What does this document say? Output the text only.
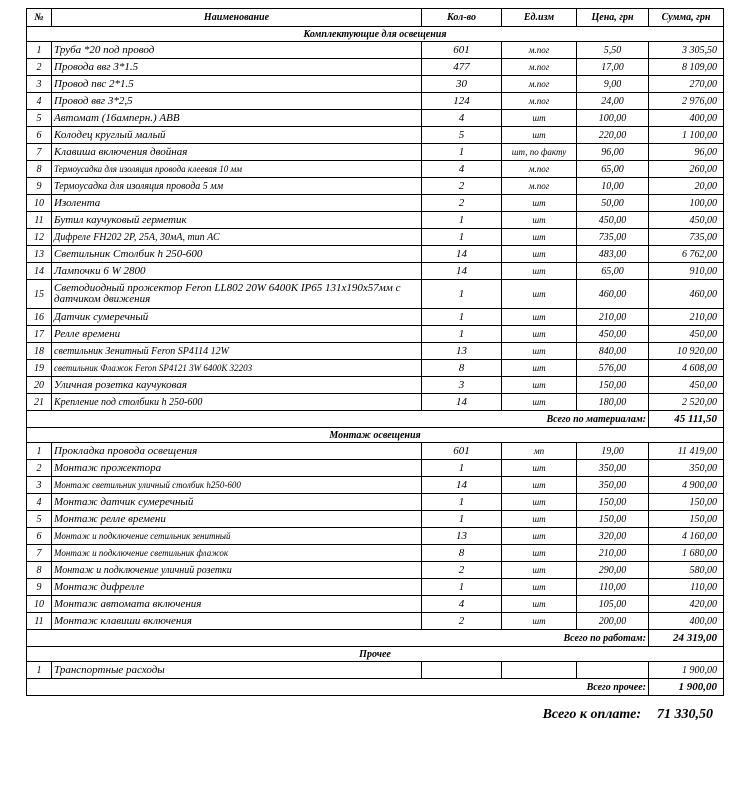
№	Наименование	Кол-во	Ед.изм	Цена, грн	Сумма, грн
Комплектующие для освещения					
1	Труба *20 под провод	601	м.пог	5,50	3 305,50
2	Провода ввг 3*1.5	477	м.пог	17,00	8 109,00
3	Провод пвс 2*1.5	30	м.пог	9,00	270,00
4	Провод ввг 3*2,5	124	м.пог	24,00	2 976,00
5	Автомат (16амперн.) АВВ	4	шт	100,00	400,00
6	Колодец круглый малый	5	шт	220,00	1 100,00
7	Клавиша включения двойная	1	шт, по факту	96,00	96,00
8	Термоусадка для изоляция провода клеевая 10 мм	4	м.пог	65,00	260,00
9	Термоусадка для изоляция провода 5 мм	2	м.пог	10,00	20,00
10	Изолента	2	шт	50,00	100,00
11	Бутил каучуковый герметик	1	шт	450,00	450,00
12	Дифреле FH202 2P, 25A, 30мА, тип АС	1	шт	735,00	735,00
13	Светильник Столбик h 250-600	14	шт	483,00	6 762,00
14	Лампочки 6 W 2800	14	шт	65,00	910,00
15	Светодиодный прожектор Feron LL802 20W 6400K IP65 131x190x57мм с датчиком движения	1	шт	460,00	460,00
16	Датчик сумеречный	1	шт	210,00	210,00
17	Релле времени	1	шт	450,00	450,00
18	светильник Зенитный Feron SP4114 12W	13	шт	840,00	10 920,00
19	светильник Флажок Feron SP4121 3W 6400K 32203	8	шт	576,00	4 608,00
20	Уличная розетка каучуковая	3	шт	150,00	450,00
21	Крепление под столбики h 250-600	14	шт	180,00	2 520,00
		Всего по материалам:			45 111,50
Монтаж освещения					
1	Прокладка провода освещения	601	мп	19,00	11 419,00
2	Монтаж прожектора	1	шт	350,00	350,00
3	Монтаж светильник уличный столбик h250-600	14	шт	350,00	4 900,00
4	Монтаж датчик сумеречный	1	шт	150,00	150,00
5	Монтаж релле времени	1	шт	150,00	150,00
6	Монтаж и подключение сетильник зенитный	13	шт	320,00	4 160,00
7	Монтаж и подключение светильник флажок	8	шт	210,00	1 680,00
8	Монтаж и подключение уличний розетки	2	шт	290,00	580,00
9	Монтаж дифрелле	1	шт	110,00	110,00
10	Монтаж автомата включения	4	шт	105,00	420,00
11	Монтаж клавиши включения	2	шт	200,00	400,00
		Всего по работам:			24 319,00
Прочее					
1	Транспортные расходы				1 900,00
		Всего прочее:			1 900,00
Всего к оплате: 71 330,50
